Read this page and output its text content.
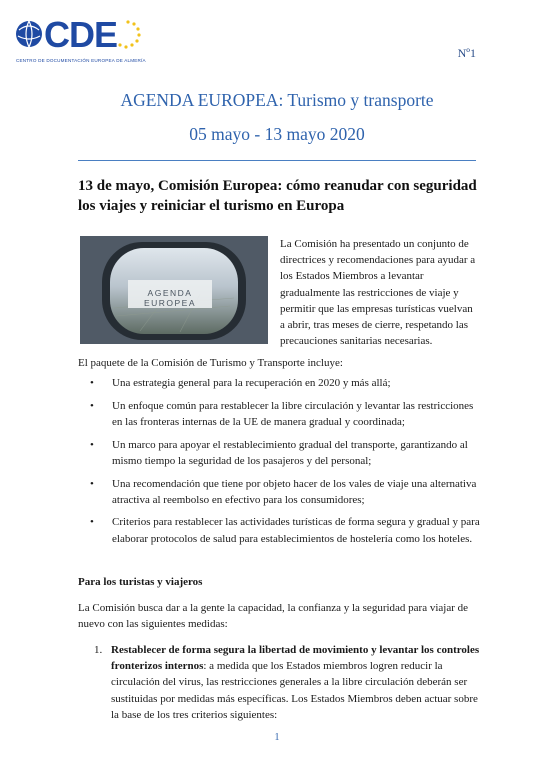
CDE
CENTRO DE DOCUMENTACIÓN EUROPEA DE ALMERÍA
Nº1
AGENDA EUROPEA: Turismo y transporte
05 mayo - 13 mayo 2020
13 de mayo, Comisión Europea: cómo reanudar con seguridad los viajes y reiniciar el turismo en Europa
AGENDA EUROPEA
La Comisión ha presentado un conjunto de directrices y recomendaciones para ayudar a los Estados Miembros a levantar gradualmente las restricciones de viaje y permitir que las empresas turísticas vuelvan a abrir, tras meses de cierre, respetando las precauciones sanitarias necesarias.
El paquete de la Comisión de Turismo y Transporte incluye:
• Una estrategia general para la recuperación en 2020 y más allá;
• Un enfoque común para restablecer la libre circulación y levantar las restricciones en las fronteras internas de la UE de manera gradual y coordinada;
• Un marco para apoyar el restablecimiento gradual del transporte, garantizando al mismo tiempo la seguridad de los pasajeros y del personal;
• Una recomendación que tiene por objeto hacer de los vales de viaje una alternativa atractiva al reembolso en efectivo para los consumidores;
• Criterios para restablecer las actividades turísticas de forma segura y gradual y para elaborar protocolos de salud para establecimientos de hostelería como los hoteles.
Para los turistas y viajeros
La Comisión busca dar a la gente la capacidad, la confianza y la seguridad para viajar de nuevo con las siguientes medidas:
1. Restablecer de forma segura la libertad de movimiento y levantar los controles fronterizos internos: a medida que los Estados miembros logren reducir la circulación del virus, las restricciones generales a la libre circulación deberán ser sustituidas por medidas más específicas. Los Estados Miembros deben actuar sobre la base de los tres criterios siguientes:
1
